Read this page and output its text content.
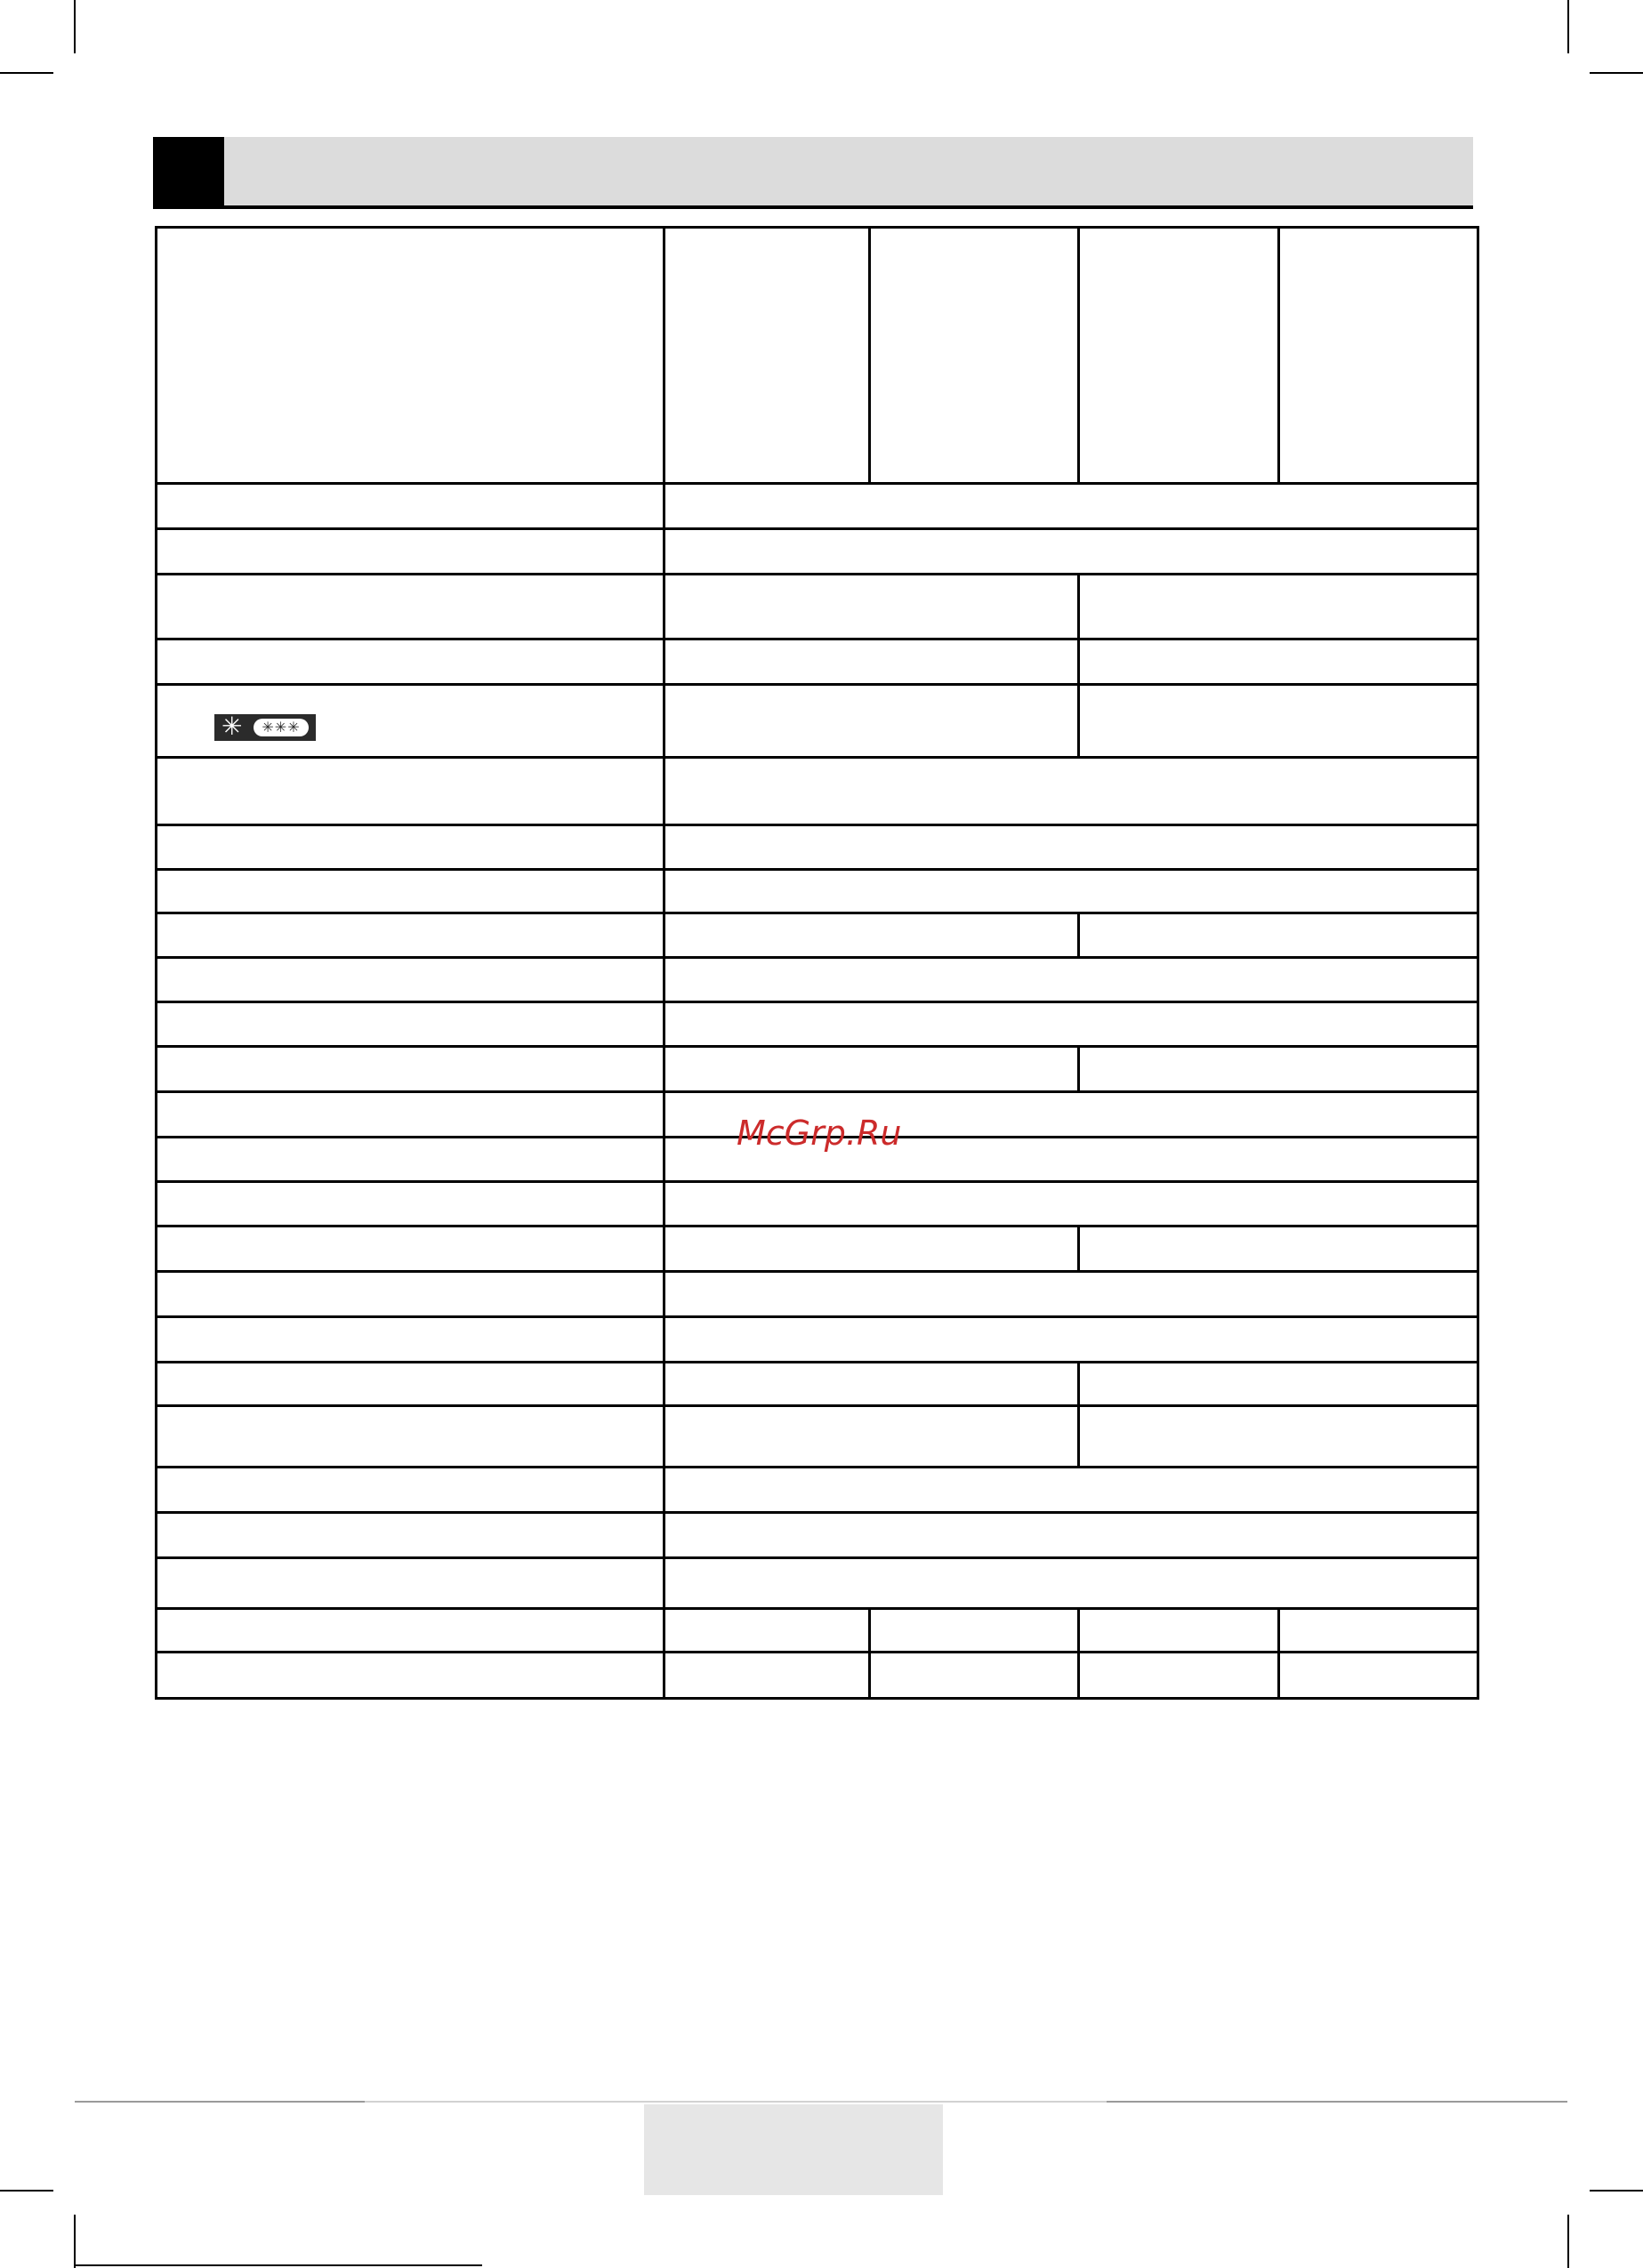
✳ ✳✳✳				

McGrp.Ru
